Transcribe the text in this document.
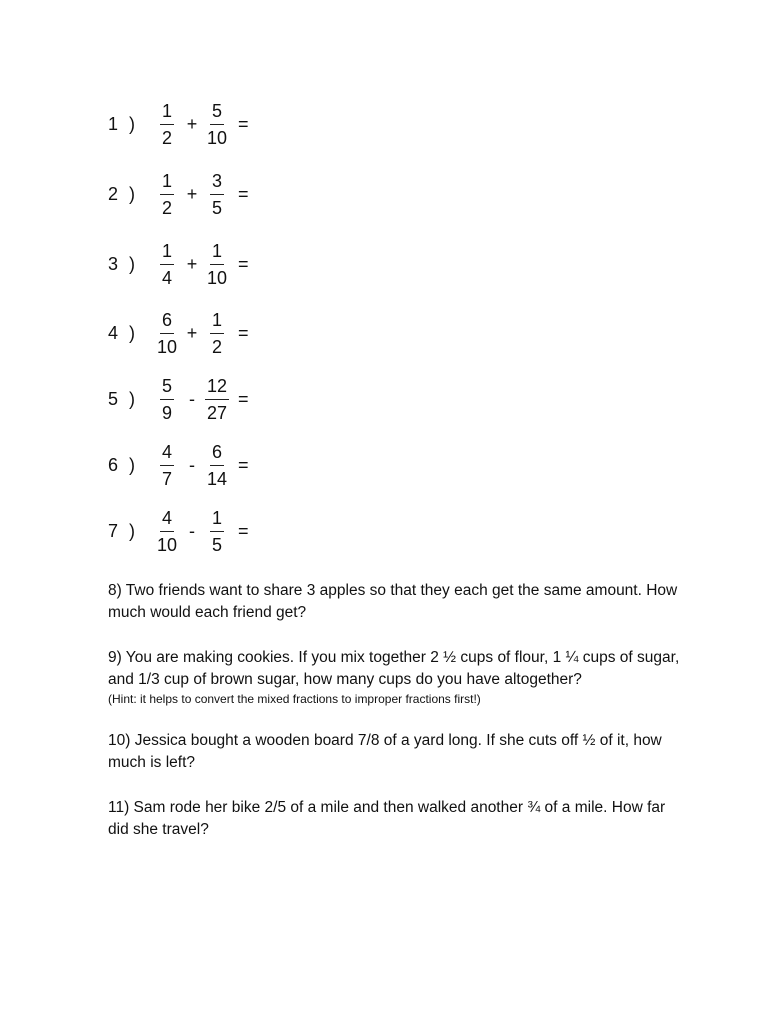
1 ) $\frac{1}{2} + \frac{5}{10}$ =
2 ) $\frac{1}{2} + \frac{3}{5}$ =
3 ) $\frac{1}{4} + \frac{1}{10}$ =
4 ) $\frac{6}{10} + \frac{1}{2}$ =
5 ) $\frac{5}{9} - \frac{12}{27}$ =
6 ) $\frac{4}{7} - \frac{6}{14}$ =
7 ) $\frac{4}{10} - \frac{1}{5}$ =
8) Two friends want to share 3 apples so that they each get the same amount. How much would each friend get?
9) You are making cookies. If you mix together 2 ½ cups of flour, 1 ¼ cups of sugar, and 1/3 cup of brown sugar, how many cups do you have altogether?
(Hint: it helps to convert the mixed fractions to improper fractions first!)
10) Jessica bought a wooden board 7/8 of a yard long. If she cuts off ½ of it, how much is left?
11) Sam rode her bike 2/5 of a mile and then walked another ¾ of a mile. How far did she travel?
